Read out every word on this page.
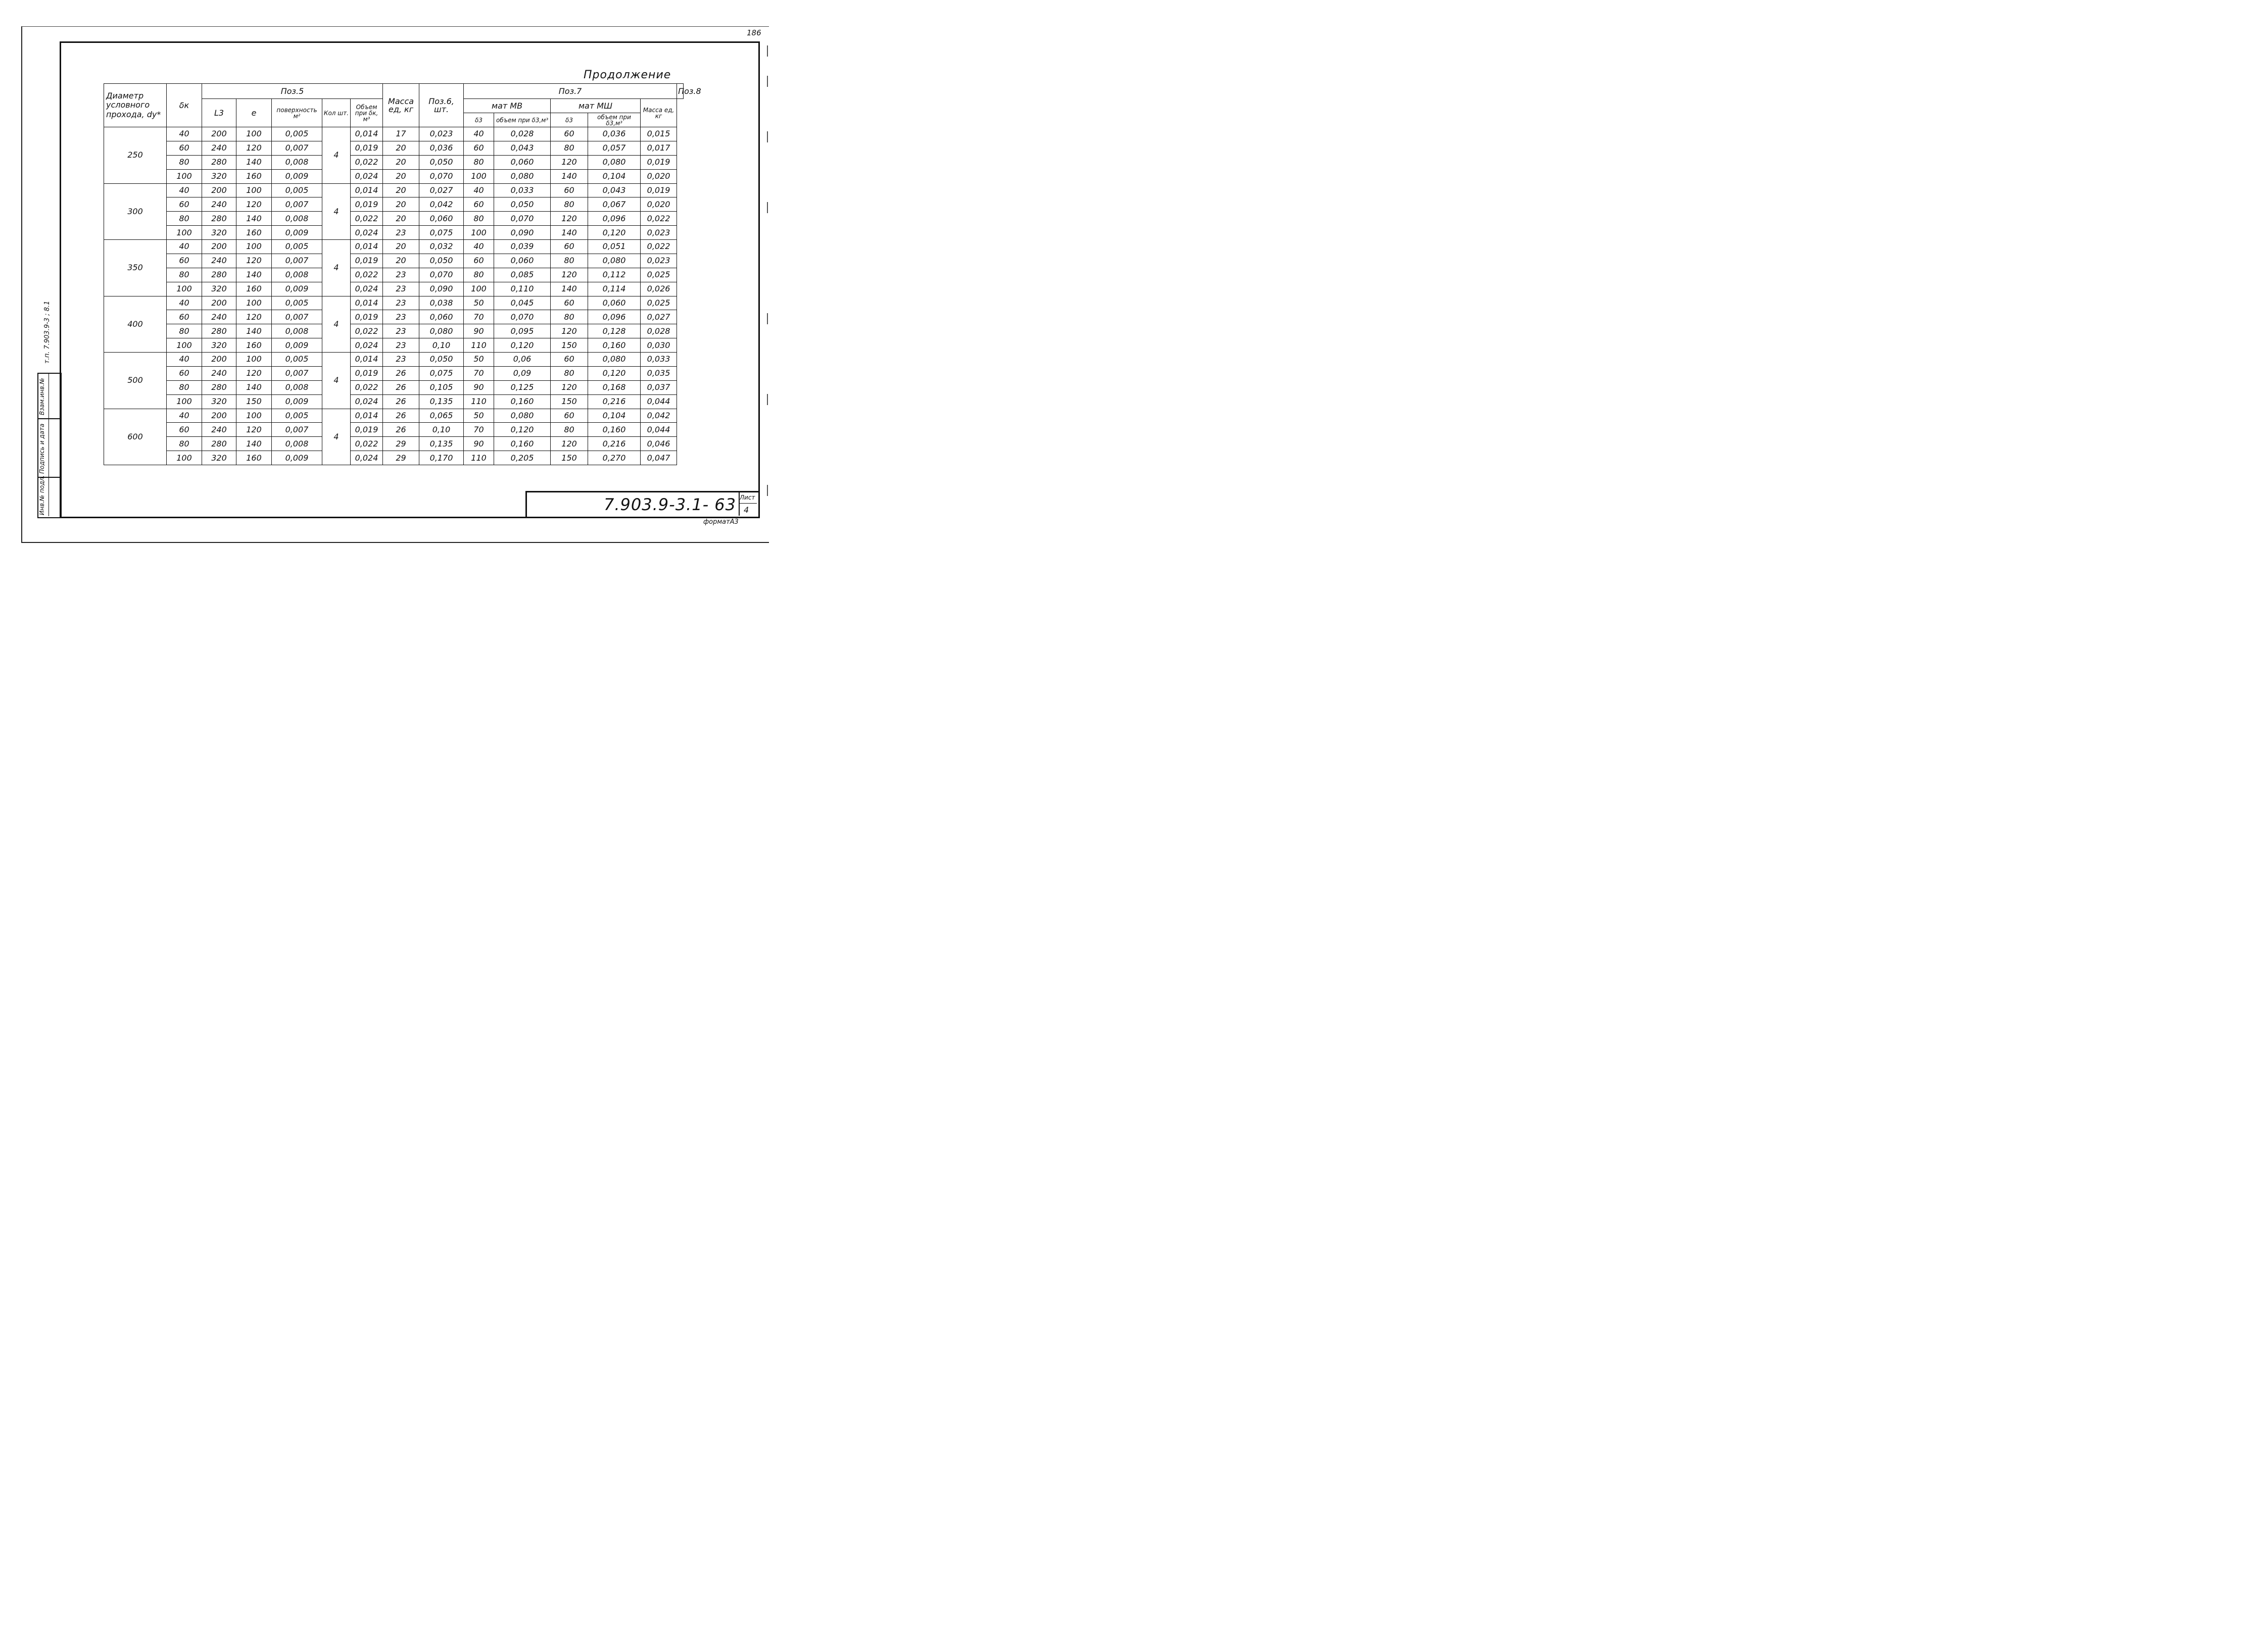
186
Продолжение
Диаметр условного прохода, dy*	δк	Поз.5					Масса ед, кг	Поз.6, шт.	Поз.7					Поз.8
		L3	e	поверхность м²	Кол шт.	Объем при δк, м³			мат МВ		мат МШ		Масса ед, кг	
									δ3	объем при δ3,м³	δ3	объем при δ3,м³		
250	40	200	100	0,005	4	0,014	17	0,023	40	0,028	60	0,036	0,015	
	60	240	120	0,007		0,019	20	0,036	60	0,043	80	0,057	0,017	
	80	280	140	0,008		0,022	20	0,050	80	0,060	120	0,080	0,019	
	100	320	160	0,009		0,024	20	0,070	100	0,080	140	0,104	0,020	
300	40	200	100	0,005	4	0,014	20	0,027	40	0,033	60	0,043	0,019	
	60	240	120	0,007		0,019	20	0,042	60	0,050	80	0,067	0,020	
	80	280	140	0,008		0,022	20	0,060	80	0,070	120	0,096	0,022	
	100	320	160	0,009		0,024	23	0,075	100	0,090	140	0,120	0,023	
350	40	200	100	0,005	4	0,014	20	0,032	40	0,039	60	0,051	0,022	
	60	240	120	0,007		0,019	20	0,050	60	0,060	80	0,080	0,023	
	80	280	140	0,008		0,022	23	0,070	80	0,085	120	0,112	0,025	
	100	320	160	0,009		0,024	23	0,090	100	0,110	140	0,114	0,026	
400	40	200	100	0,005	4	0,014	23	0,038	50	0,045	60	0,060	0,025	
	60	240	120	0,007		0,019	23	0,060	70	0,070	80	0,096	0,027	
	80	280	140	0,008		0,022	23	0,080	90	0,095	120	0,128	0,028	
	100	320	160	0,009		0,024	23	0,10	110	0,120	150	0,160	0,030	
500	40	200	100	0,005	4	0,014	23	0,050	50	0,06	60	0,080	0,033	
	60	240	120	0,007		0,019	26	0,075	70	0,09	80	0,120	0,035	
	80	280	140	0,008		0,022	26	0,105	90	0,125	120	0,168	0,037	
	100	320	150	0,009		0,024	26	0,135	110	0,160	150	0,216	0,044	
600	40	200	100	0,005	4	0,014	26	0,065	50	0,080	60	0,104	0,042	
	60	240	120	0,007		0,019	26	0,10	70	0,120	80	0,160	0,044	
	80	280	140	0,008		0,022	29	0,135	90	0,160	120	0,216	0,046	
	100	320	160	0,009		0,024	29	0,170	110	0,205	150	0,270	0,047	
7.903.9-3.1- 63 Лист
4
форматА3
Инв.№ подл.
Подпись и дата
Взам.инв.№
т.п. 7.903.9-3 ; 8.1
